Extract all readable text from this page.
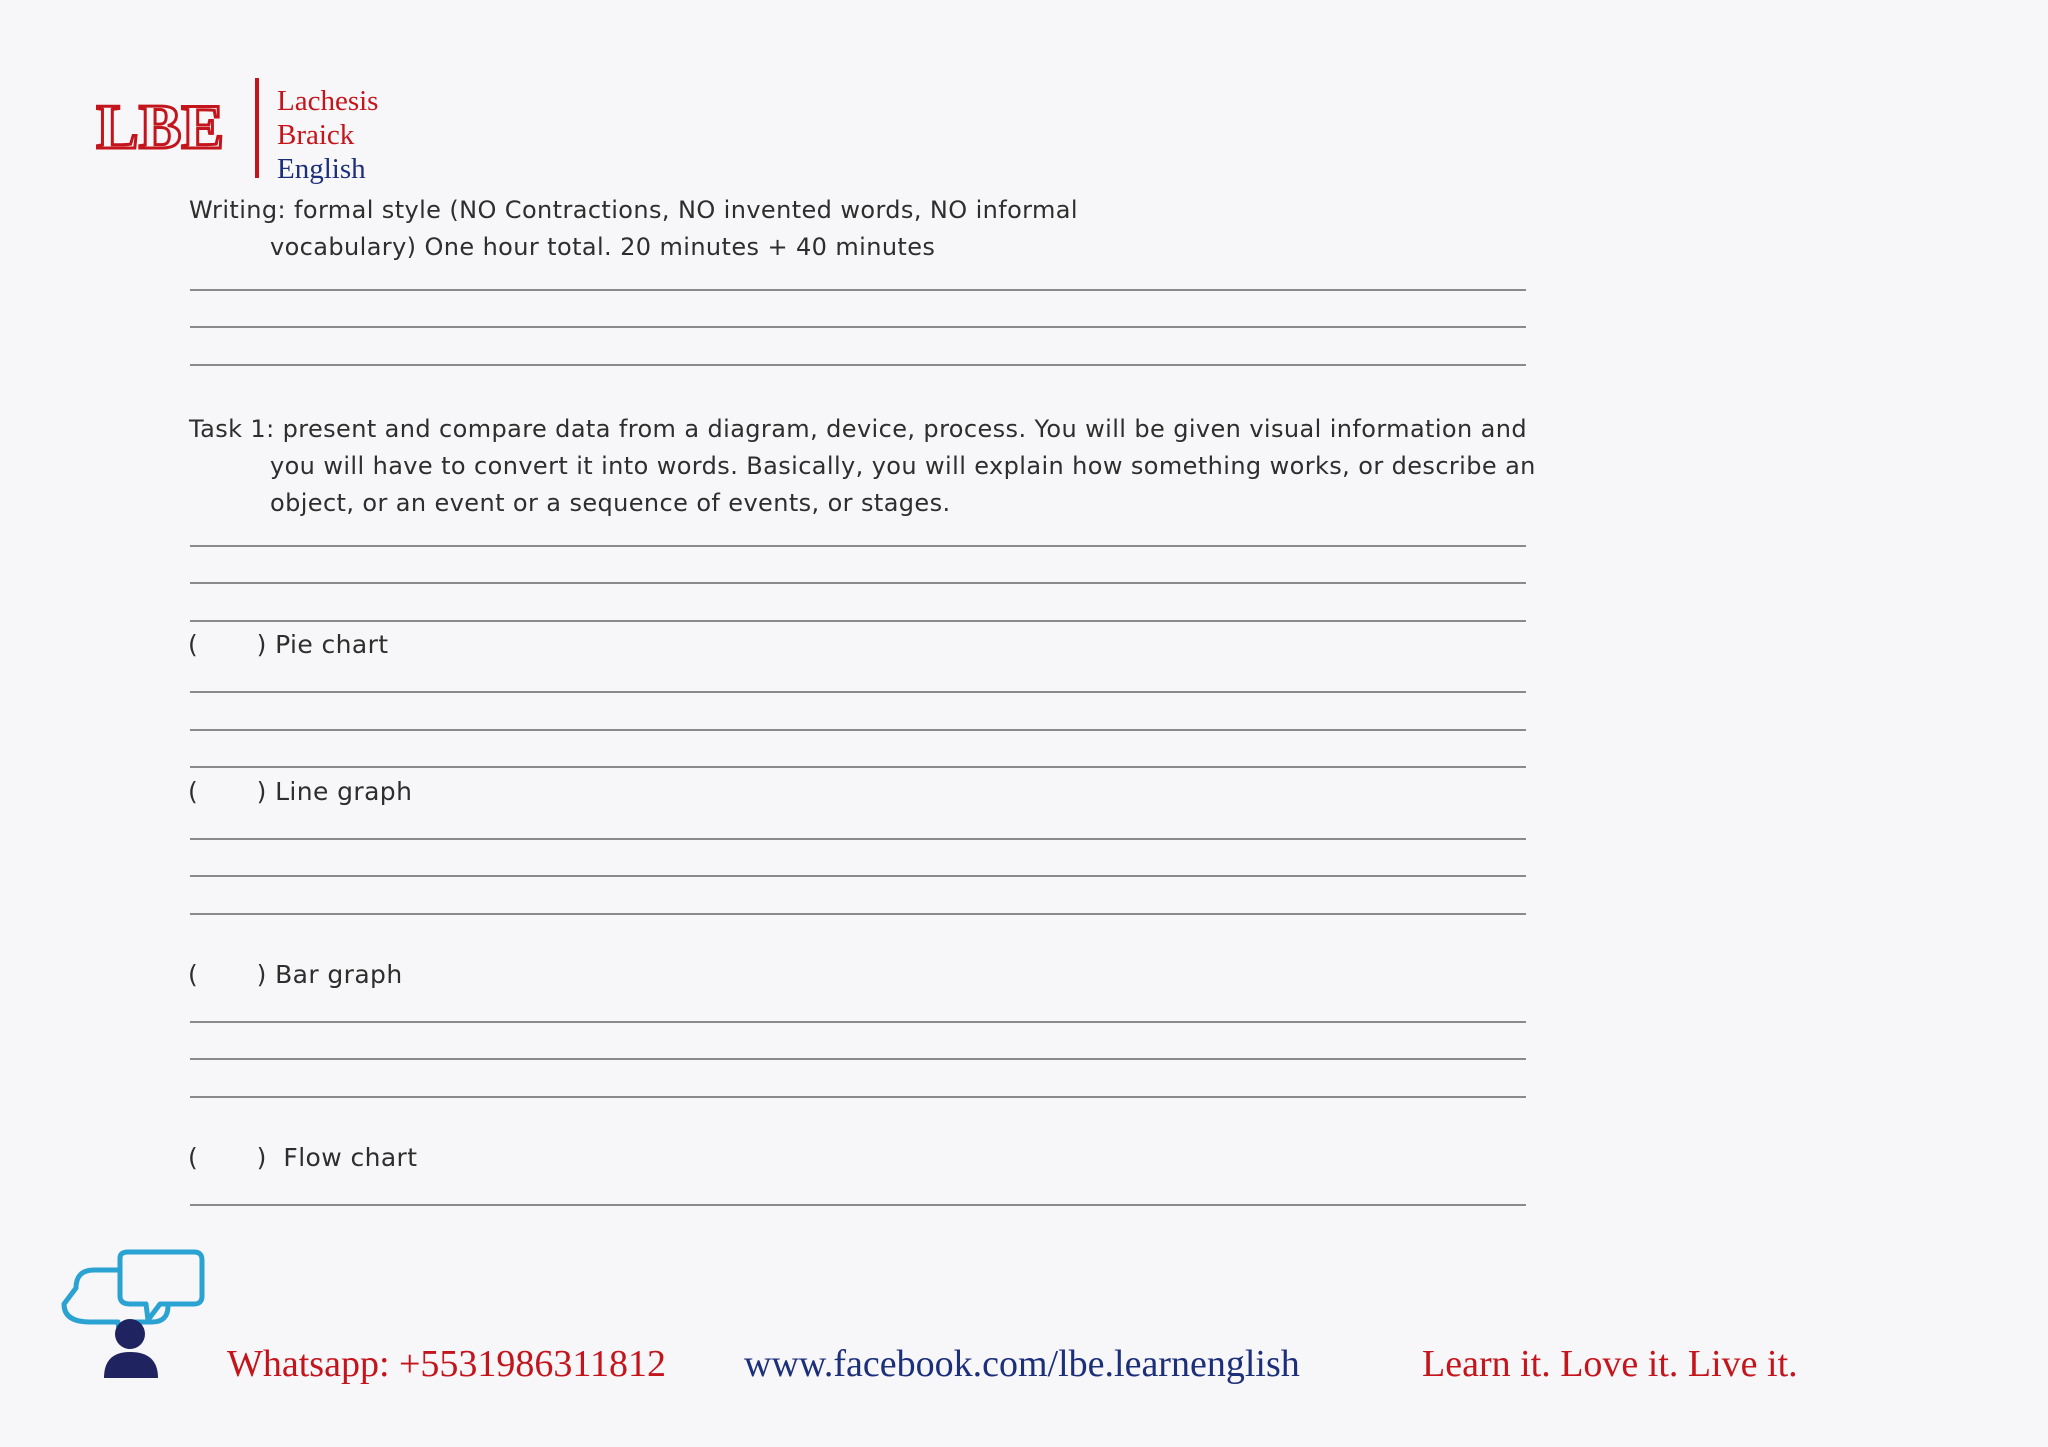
LBE Lachesis
Braick
English
Writing: formal style (NO Contractions, NO invented words, NO informal
vocabulary) One hour total. 20 minutes + 40 minutes
Task 1: present and compare data from a diagram, device, process. You will be given visual information and
you will have to convert it into words. Basically, you will explain how something works, or describe an
object, or an event or a sequence of events, or stages.
(       ) Pie chart
(       ) Line graph
(       ) Bar graph
(       )  Flow chart
Whatsapp: +5531986311812 www.facebook.com/lbe.learnenglish	Learn it. Love it. Live it.
